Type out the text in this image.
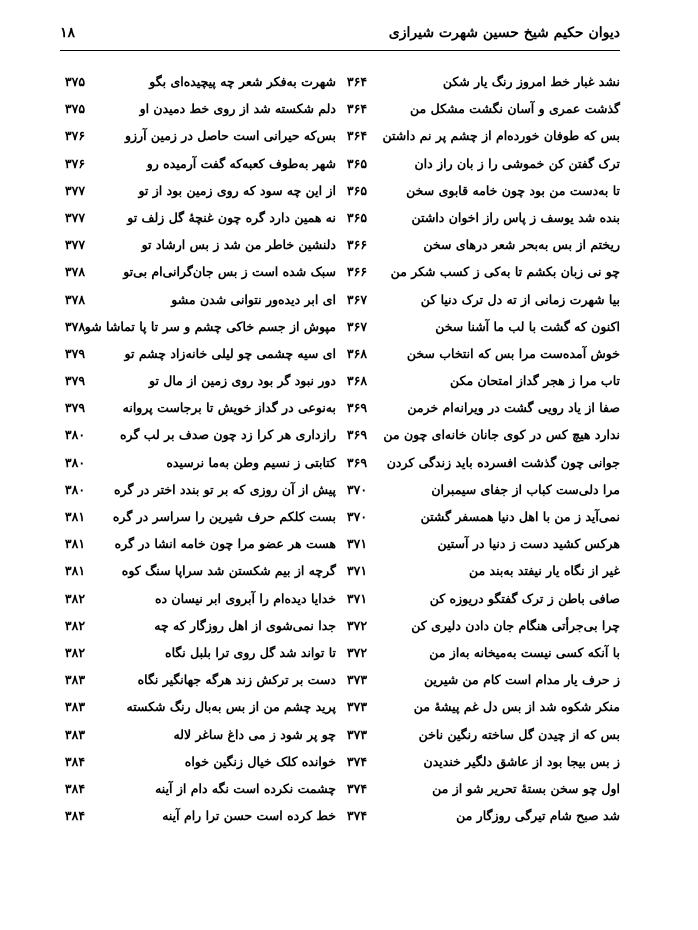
۱۸	دیوان حکیم شیخ حسین شهرت شیرازی
نشد غبار خط امروز رنگ یار شکن
۳۶۴
شهرت به‌فکر شعر چه پیچیده‌ای بگو
۳۷۵
گذشت عمری و آسان نگشت مشکل من
۳۶۴
دلم شکسته شد از روی خط دمیدن او
۳۷۵
بس که طوفان خورده‌ام از چشم پر نم داشتن
۳۶۴
بس‌که حیرانی است حاصل در زمین آرزو
۳۷۶
ترک گفتن کن خموشی را ز بان راز دان
۳۶۵
شهر به‌طوف کعبه‌که گفت آرمیده رو
۳۷۶
تا به‌دست من بود چون خامه قابوی سخن
۳۶۵
از این چه سود که روی زمین بود از تو
۳۷۷
بنده شد یوسف ز پاس راز اخوان داشتن
۳۶۵
نه همین دارد گره چون غنچهٔ گل زلف تو
۳۷۷
ریختم از بس به‌بحر شعر درهای سخن
۳۶۶
دلنشین خاطر من شد ز بس ارشاد تو
۳۷۷
چو نی زبان بکشم تا به‌کی ز کسب شکر من
۳۶۶
سبک شده است ز بس جان‌گرانی‌ام بی‌تو
۳۷۸
بیا شهرت زمانی از ته دل ترک دنیا کن
۳۶۷
ای ابر دیده‌ور نتوانی شدن مشو
۳۷۸
اکنون که گشت با لب ما آشنا سخن
۳۶۷
مپوش از جسم خاکی چشم و سر تا پا تماشا شو
۳۷۸
خوش آمده‌ست مرا بس که انتخاب سخن
۳۶۸
ای سیه چشمی چو لیلی خانه‌زاد چشم تو
۳۷۹
تاب مرا ز هجر گداز امتحان مکن
۳۶۸
دور نبود گر بود روی زمین از مال تو
۳۷۹
صفا از یاد رویی گشت در ویرانه‌ام خرمن
۳۶۹
به‌نوعی در گداز خویش تا برجاست پروانه
۳۷۹
ندارد هیچ کس در کوی جانان خانه‌ای چون من
۳۶۹
رازداری هر کرا زد چون صدف بر لب گره
۳۸۰
جوانی چون گذشت افسرده باید زندگی کردن
۳۶۹
کتابتی ز نسیم وطن به‌ما نرسیده
۳۸۰
مرا دلی‌ست کباب از جفای سیمبران
۳۷۰
پیش از آن روزی که بر تو بندد اختر در گره
۳۸۰
نمی‌آید ز من با اهل دنیا همسفر گشتن
۳۷۰
بست کلکم حرف شیرین را سراسر در گره
۳۸۱
هرکس کشید دست ز دنیا در آستین
۳۷۱
هست هر عضو مرا چون خامه انشا در گره
۳۸۱
غیر از نگاه یار نیفتد به‌بند من
۳۷۱
گرچه از بیم شکستن شد سراپا سنگ کوه
۳۸۱
صافی باطن ز ترک گفتگو دریوزه کن
۳۷۱
خدایا دیده‌ام را آبروی ابر نیسان ده
۳۸۲
چرا بی‌جرأتی هنگام جان دادن دلیری کن
۳۷۲
جدا نمی‌شوی از اهل روزگار که چه
۳۸۲
با آنکه کسی نیست به‌میخانه به‌از من
۳۷۲
تا تواند شد گل روی ترا بلبل نگاه
۳۸۲
ز حرف یار مدام است کام من شیرین
۳۷۳
دست بر ترکش زند هرگه جهانگیر نگاه
۳۸۳
منکر شکوه شد از بس دل غم پیشهٔ من
۳۷۳
پرید چشم من از بس به‌بال رنگ شکسته
۳۸۳
بس که از چیدن گل ساخته رنگین ناخن
۳۷۳
چو پر شود ز می داغ ساغر لاله
۳۸۳
ز بس بیجا بود از عاشق دلگیر خندیدن
۳۷۴
خوانده کلک خیال زنگین خواه
۳۸۴
اول چو سخن بستهٔ تحریر شو از من
۳۷۴
چشمت نکرده است نگه دام از آینه
۳۸۴
شد صبح شام تیرگی روزگار من
۳۷۴
خط کرده است حسن ترا رام آینه
۳۸۴
